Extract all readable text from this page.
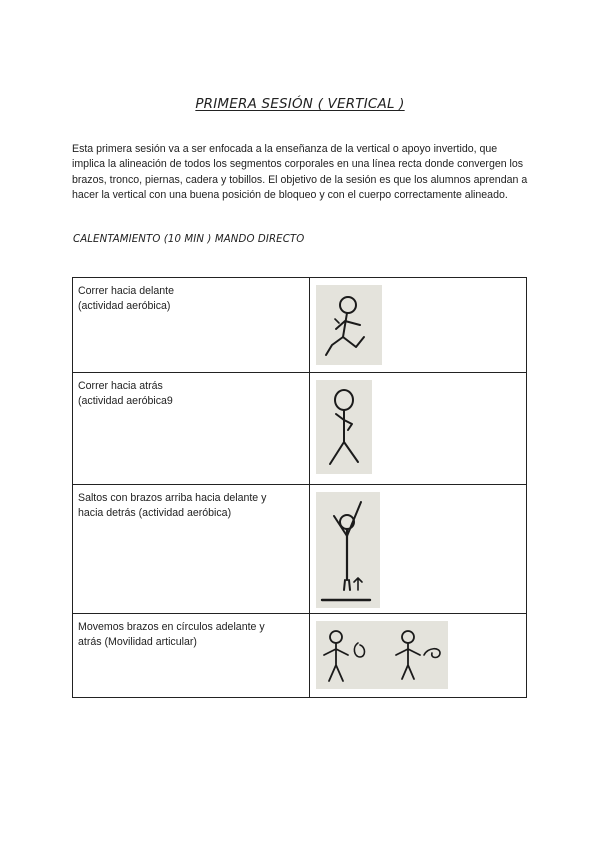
PRIMERA SESIÓN ( VERTICAL )
Esta primera sesión va a ser enfocada a la enseñanza de la vertical o apoyo invertido, que implica la alineación de todos los segmentos corporales en una línea recta donde convergen los brazos, tronco, piernas, cadera y tobillos. El objetivo de la sesión es que los alumnos aprendan a hacer la vertical con una buena posición de bloqueo y con el cuerpo correctamente alineado.
CALENTAMIENTO (10 MIN ) MANDO DIRECTO
Correr hacia delante
(actividad aeróbica)

Correr hacia atrás
(actividad aeróbica9

Saltos con brazos arriba hacia delante y
hacia detrás (actividad aeróbica)

Movemos brazos en círculos adelante y
atrás (Movilidad articular)
